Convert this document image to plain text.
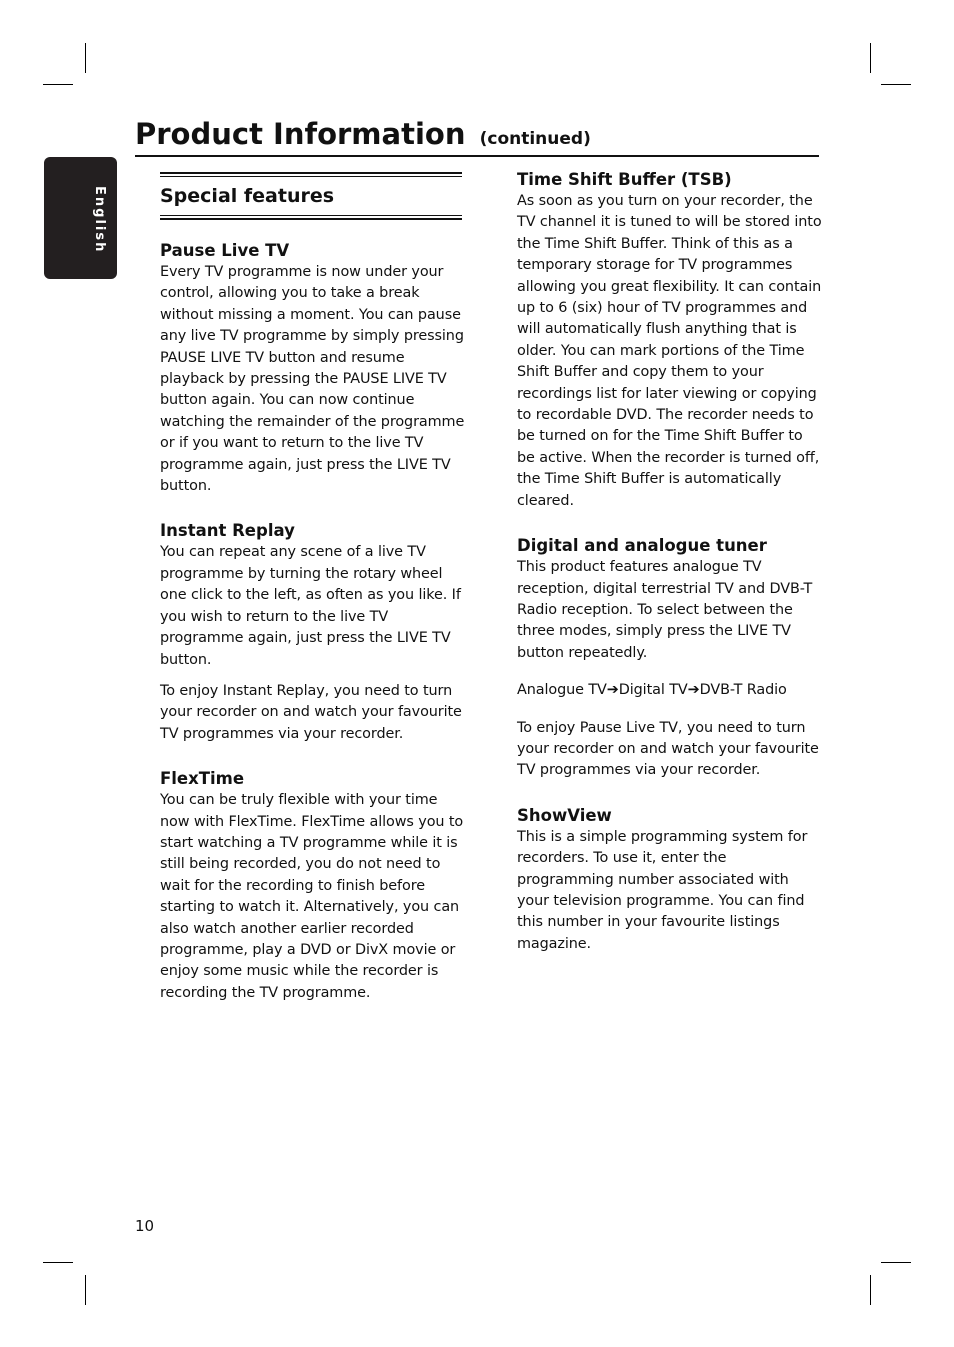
Product Information (continued)
English	Special features
Pause Live TV

Every TV programme is now under your control, allowing you to take a break without missing a moment. You can pause any live TV programme by simply pressing PAUSE LIVE TV button and resume playback by pressing the PAUSE LIVE TV button again. You can now continue watching the remainder of the programme or if you want to return to the live TV programme again, just press the LIVE TV button.

Instant Replay

You can repeat any scene of a live TV programme by turning the rotary wheel one click to the left, as often as you like. If you wish to return to the live TV programme again, just press the LIVE TV button.

To enjoy Instant Replay, you need to turn your recorder on and watch your favourite TV programmes via your recorder.

FlexTime

You can be truly flexible with your time now with FlexTime. FlexTime allows you to start watching a TV programme while it is still being recorded, you do not need to wait for the recording to finish before starting to watch it. Alternatively, you can also watch another earlier recorded programme, play a DVD or DivX movie or enjoy some music while the recorder is recording the TV programme.

Time Shift Buffer (TSB)

As soon as you turn on your recorder, the TV channel it is tuned to will be stored into the Time Shift Buffer. Think of this as a temporary storage for TV programmes allowing you great flexibility. It can contain up to 6 (six) hour of TV programmes and will automatically flush anything that is older. You can mark portions of the Time Shift Buffer and copy them to your recordings list for later viewing or copying to recordable DVD. The recorder needs to be turned on for the Time Shift Buffer to be active. When the recorder is turned off, the Time Shift Buffer is automatically cleared.

Digital and analogue tuner

This product features analogue TV reception, digital terrestrial TV and DVB-T Radio reception. To select between the three modes, simply press the LIVE TV button repeatedly.

Analogue TV➔Digital TV➔DVB-T Radio

To enjoy Pause Live TV, you need to turn your recorder on and watch your favourite TV programmes via your recorder.

ShowView

This is a simple programming system for recorders. To use it, enter the programming number associated with your television programme. You can find this number in your favourite listings magazine.

10
